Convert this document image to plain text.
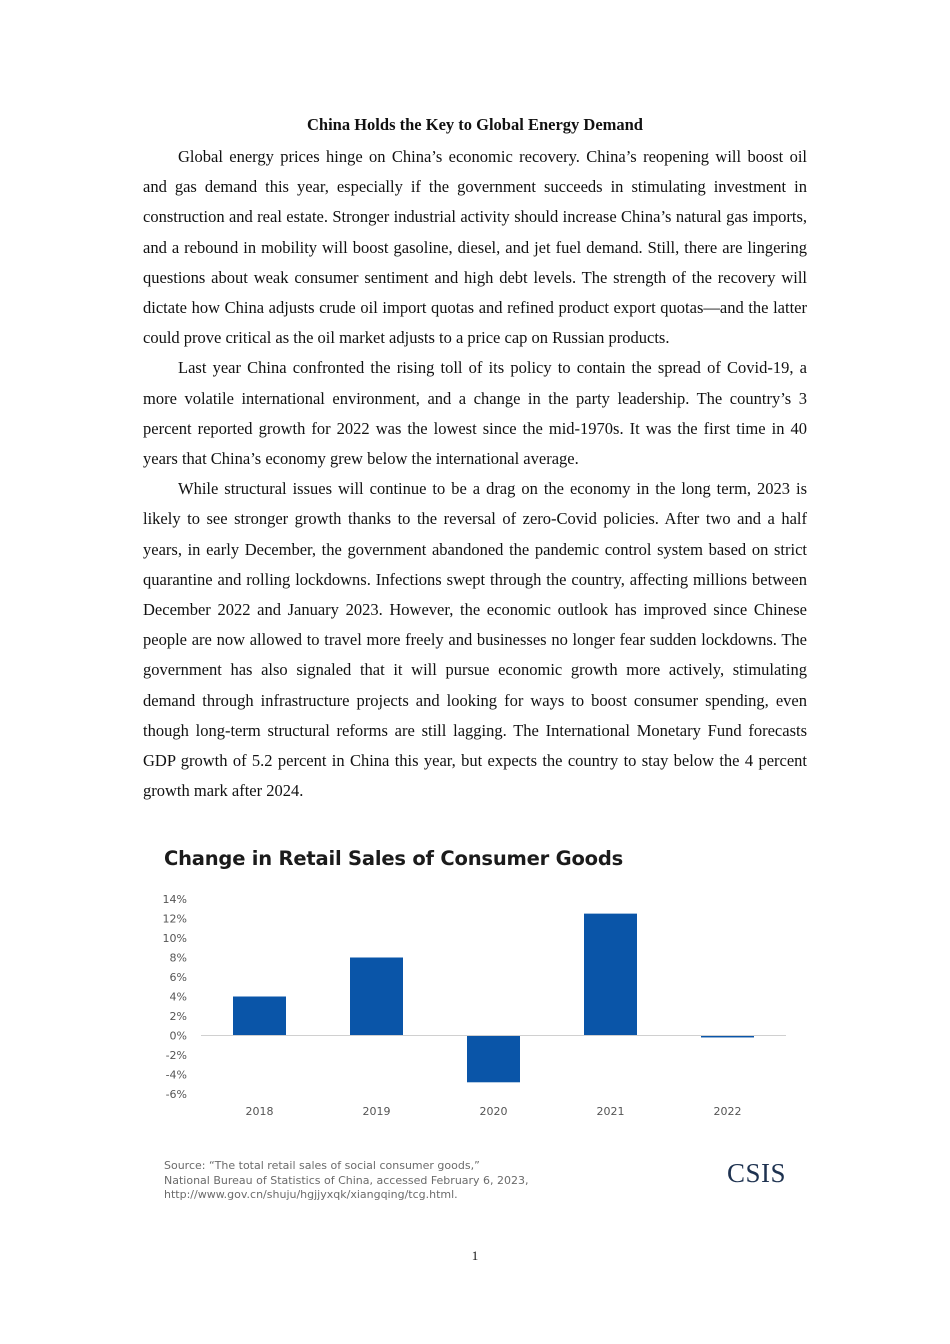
China Holds the Key to Global Energy Demand

Global energy prices hinge on China’s economic recovery. China’s reopening will boost oil and gas demand this year, especially if the government succeeds in stimulating investment in construction and real estate. Stronger industrial activity should increase China’s natural gas imports, and a rebound in mobility will boost gasoline, diesel, and jet fuel demand. Still, there are lingering questions about weak consumer sentiment and high debt levels. The strength of the recovery will dictate how China adjusts crude oil import quotas and refined product export quotas—and the latter could prove critical as the oil market adjusts to a price cap on Russian products.

Last year China confronted the rising toll of its policy to contain the spread of Covid-19, a more volatile international environment, and a change in the party leadership. The country’s 3 percent reported growth for 2022 was the lowest since the mid-1970s. It was the first time in 40 years that China’s economy grew below the international average.

While structural issues will continue to be a drag on the economy in the long term, 2023 is likely to see stronger growth thanks to the reversal of zero-Covid policies. After two and a half years, in early December, the government abandoned the pandemic control system based on strict quarantine and rolling lockdowns. Infections swept through the country, affecting millions between December 2022 and January 2023. However, the economic outlook has improved since Chinese people are now allowed to travel more freely and businesses no longer fear sudden lockdowns. The government has also signaled that it will pursue economic growth more actively, stimulating demand through infrastructure projects and looking for ways to boost consumer spending, even though long-term structural reforms are still lagging. The International Monetary Fund forecasts GDP growth of 5.2 percent in China this year, but expects the country to stay below the 4 percent growth mark after 2024.

14%
12%
10%
8%
6%
4%
2%
0%
-2%
-4%
-6%
2018	2019	2020	2021	2022
Change in Retail Sales of Consumer Goods
Source: “The total retail sales of social consumer goods,”
National Bureau of Statistics of China, accessed February 6, 2023,
http://www.gov.cn/shuju/hgjjyxqk/xiangqing/tcg.html.
CSIS
1
